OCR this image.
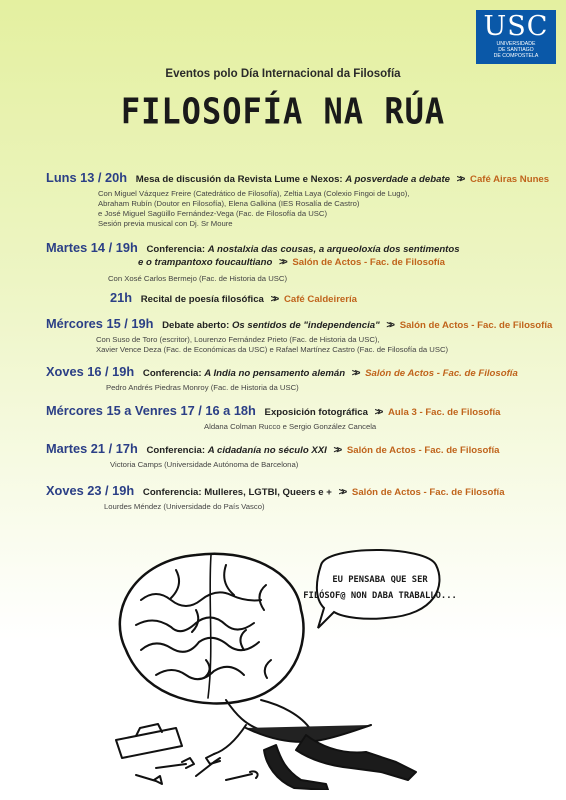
USC
UNIVERSIDADE
DE SANTIAGO
DE COMPOSTELA
Eventos polo Día Internacional da Filosofía
FILOSOFÍA NA RÚA
Luns 13 / 20h Mesa de discusión da Revista Lume e Nexos: A posverdade a debate >> Café Airas Nunes
Con Miguel Vázquez Freire (Catedrático de Filosofía), Zeltia Laya (Colexio Fingoi de Lugo),
Abraham Rubín (Doutor en Filosofía), Elena Galkina (IES Rosalía de Castro)
e José Miguel Sagüillo Fernández-Vega (Fac. de Filosofía da USC)
Sesión previa musical con Dj. Sr Moure
Martes 14 / 19h Conferencia: A nostalxia das cousas, a arqueoloxía dos sentimentos
e o trampantoxo foucaultiano >> Salón de Actos - Fac. de Filosofía
Con Xosé Carlos Bermejo (Fac. de Historia da USC)
21h Recital de poesía filosófica >> Café Caldeirería
Mércores 15 / 19h Debate aberto: Os sentidos de "independencia" >> Salón de Actos - Fac. de Filosofía
Con Suso de Toro (escritor), Lourenzo Fernández Prieto (Fac. de Historia da USC),
Xavier Vence Deza (Fac. de Económicas da USC) e Rafael Martínez Castro (Fac. de Filosofía da USC)
Xoves 16 / 19h Conferencia: A India no pensamento alemán >> Salón de Actos - Fac. de Filosofía
Pedro Andrés Piedras Monroy (Fac. de Historia da USC)
Mércores 15 a Venres 17 / 16 a 18h Exposición fotográfica >> Aula 3 - Fac. de Filosofía
Aldana Colman Rucco e Sergio González Cancela
Martes 21 / 17h Conferencia: A cidadanía no século XXI >> Salón de Actos - Fac. de Filosofía
Victoria Camps (Universidade Autónoma de Barcelona)
Xoves 23 / 19h Conferencia: Mulleres, LGTBI, Queers e + >> Salón de Actos - Fac. de Filosofía
Lourdes Méndez (Universidade do País Vasco)
EU PENSABA QUE SER
FILÓSOF@ NON DABA TRABALLO...
